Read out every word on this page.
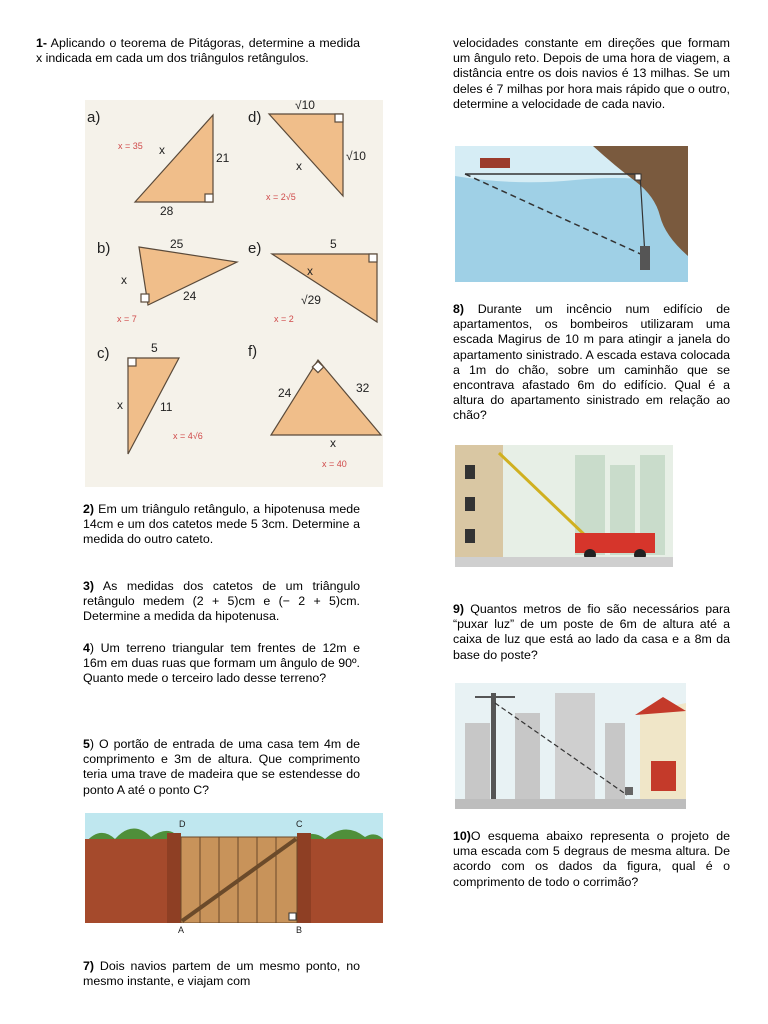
1- Aplicando o teorema de Pitágoras, determine a medida x indicada em cada um dos triângulos retângulos.

2) Em um triângulo retângulo, a hipotenusa mede 14cm e um dos catetos mede 5 3cm. Determine a medida do outro cateto.

3) As medidas dos catetos de um triângulo retângulo medem (2 + 5)cm e (− 2 + 5)cm. Determine a medida da hipotenusa.

4) Um terreno triangular tem frentes de 12m e 16m em duas ruas que formam um ângulo de 90º. Quanto mede o terceiro lado desse terreno?

5) O portão de entrada de uma casa tem 4m de comprimento e 3m de altura. Que comprimento teria uma trave de madeira que se estendesse do ponto A até o ponto C?

7) Dois navios partem de um mesmo ponto, no mesmo instante, e viajam com

velocidades constante em direções que formam um ângulo reto. Depois de uma hora de viagem, a distância entre os dois navios é 13 milhas. Se um deles é 7 milhas por hora mais rápido que o outro, determine a velocidade de cada navio.

8) Durante um incêncio num edifício de apartamentos, os bombeiros utilizaram uma escada Magirus de 10 m para atingir a janela do apartamento sinistrado. A escada estava colocada a 1m do chão, sobre um caminhão que se encontrava afastado 6m do edifício. Qual é a altura do apartamento sinistrado em relação ao chão?

9) Quantos metros de fio são necessários para “puxar luz” de um poste de 6m de altura até a caixa de luz que está ao lado da casa e a 8m da base do poste?

10)O esquema abaixo representa o projeto de uma escada com 5 degraus de mesma altura. De acordo com os dados da figura, qual é o comprimento de todo o corrimão?

a)
x
21
28
x = 35
d)
√10
√10
x
x = 2√5
b)	25
x
24
x = 7
e)	5
√29
x
x = 2
c)	5
x	11
x = 4√6
f)
24	32
x
x = 40
D	C
A	B
